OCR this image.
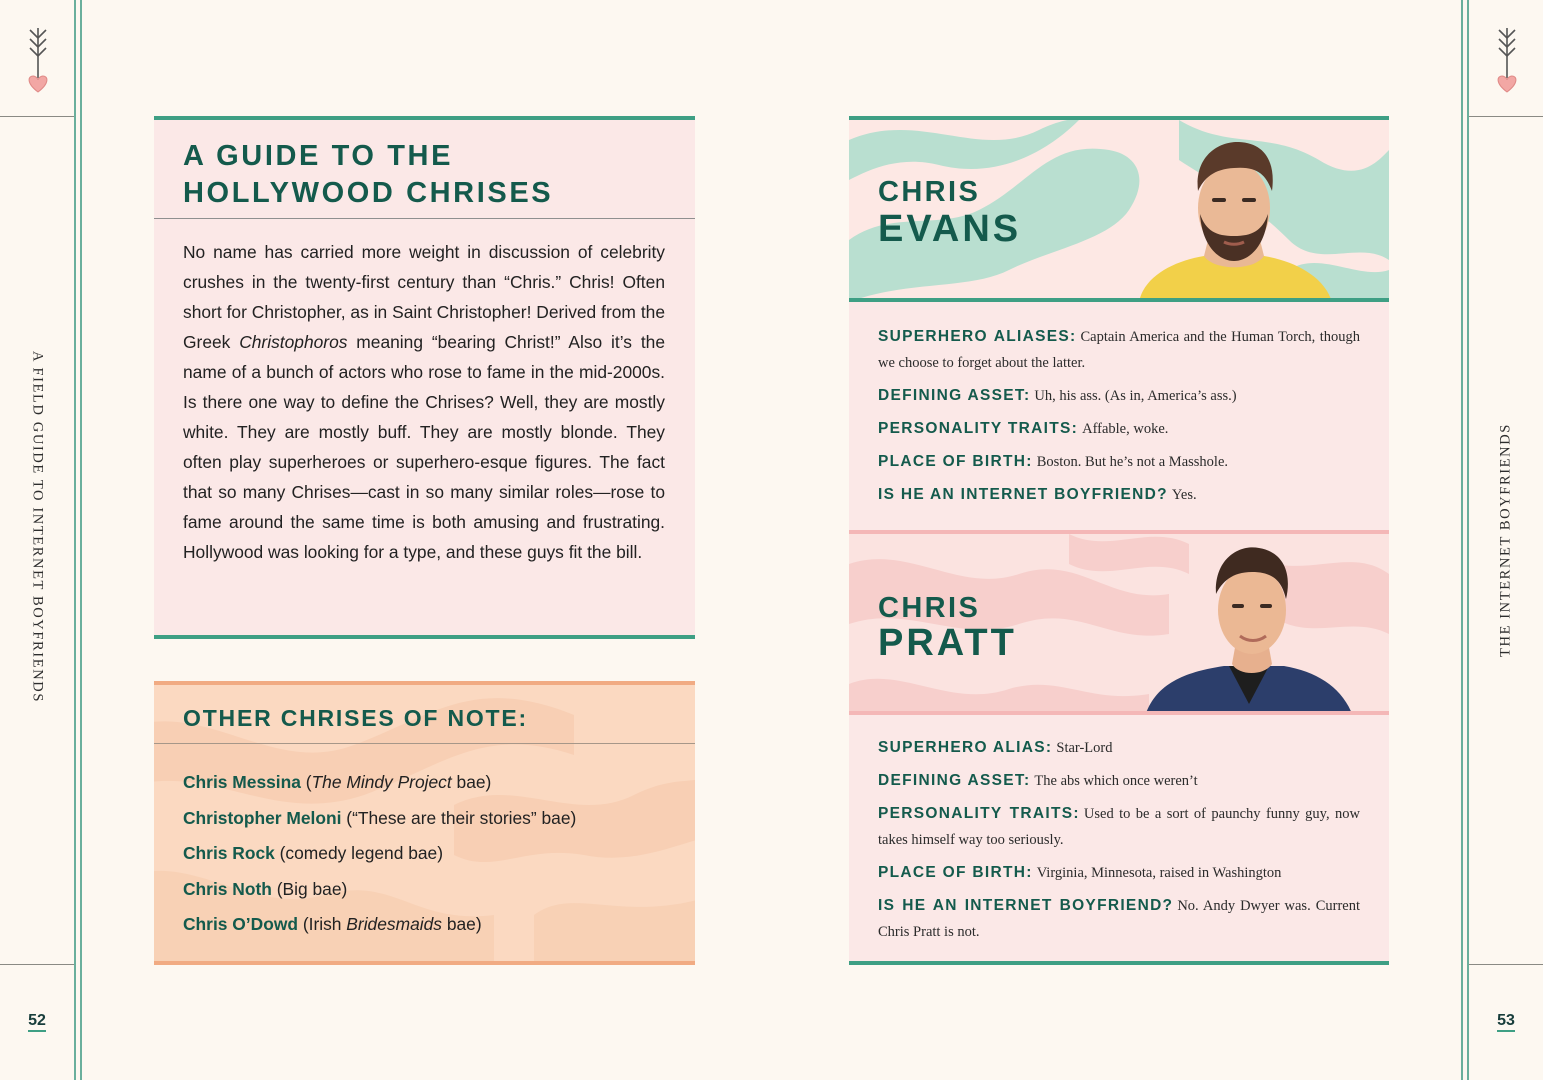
A FIELD GUIDE TO INTERNET BOYFRIENDS
52
THE INTERNET BOYFRIENDS
53
A GUIDE TO THE
HOLLYWOOD CHRISES

No name has carried more weight in discussion of celebrity crushes in the twenty-first century than “Chris.” Chris! Often short for Christopher, as in Saint Christopher! Derived from the Greek Christophoros meaning “bearing Christ!” Also it’s the name of a bunch of actors who rose to fame in the mid-2000s. Is there one way to define the Chrises? Well, they are mostly white. They are mostly buff. They are mostly blonde. They often play superheroes or superhero-esque figures. The fact that so many Chrises—cast in so many similar roles—rose to fame around the same time is both amusing and frustrating. Hollywood was looking for a type, and these guys fit the bill.

OTHER CHRISES OF NOTE:
Chris Messina (The Mindy Project bae)
Christopher Meloni (“These are their stories” bae)
Chris Rock (comedy legend bae)
Chris Noth (Big bae)
Chris O’Dowd (Irish Bridesmaids bae)
CHRIS
EVANS
SUPERHERO ALIASES: Captain America and the Human Torch, though we choose to forget about the latter.
DEFINING ASSET: Uh, his ass. (As in, America’s ass.)
PERSONALITY TRAITS: Affable, woke.
PLACE OF BIRTH: Boston. But he’s not a Masshole.
IS HE AN INTERNET BOYFRIEND? Yes.
CHRIS
PRATT
SUPERHERO ALIAS: Star-Lord
DEFINING ASSET: The abs which once weren’t
PERSONALITY TRAITS: Used to be a sort of paunchy funny guy, now takes himself way too seriously.
PLACE OF BIRTH: Virginia, Minnesota, raised in Washington
IS HE AN INTERNET BOYFRIEND? No. Andy Dwyer was. Current Chris Pratt is not.
